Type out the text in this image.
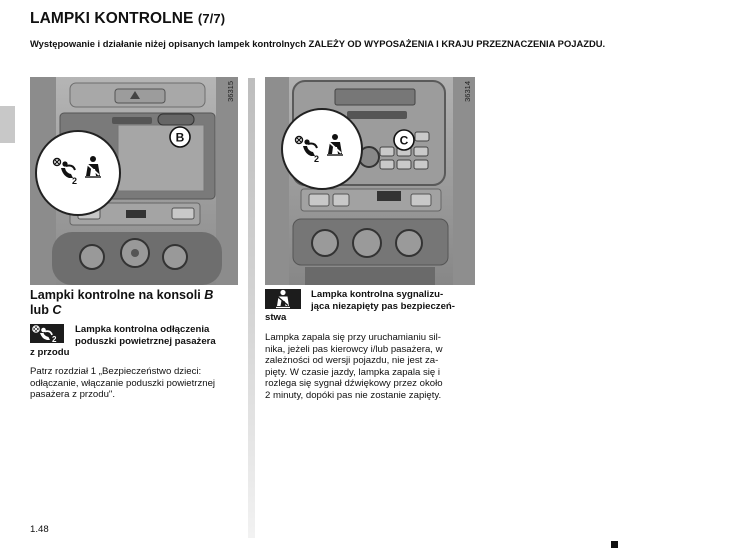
LAMPKI KONTROLNE (7/7)
Występowanie i działanie niżej opisanych lampek kontrolnych ZALEŻY OD WYPOSAŻENIA I KRAJU PRZEZNACZENIA POJAZDU.
2
B
36315
2
C
36314
Lampki kontrolne na konsoli B
lub C
2
Lampka kontrolna odłączenia
poduszki powietrznej pasażera
z przodu
Patrz rozdział 1 „Bezpieczeństwo dzieci:
odłączanie, włączanie poduszki powietrznej
pasażera z przodu".
Lampka kontrolna sygnalizu-
jąca niezapięty pas bezpieczeń-
stwa
Lampka zapala się przy uruchamianiu sil-
nika, jeżeli pas kierowcy i/lub pasażera, w
zależności od wersji pojazdu, nie jest za-
pięty. W czasie jazdy, lampka zapala się i
rozlega się sygnał dźwiękowy przez około
2 minuty, dopóki pas nie zostanie zapięty.
1.48
